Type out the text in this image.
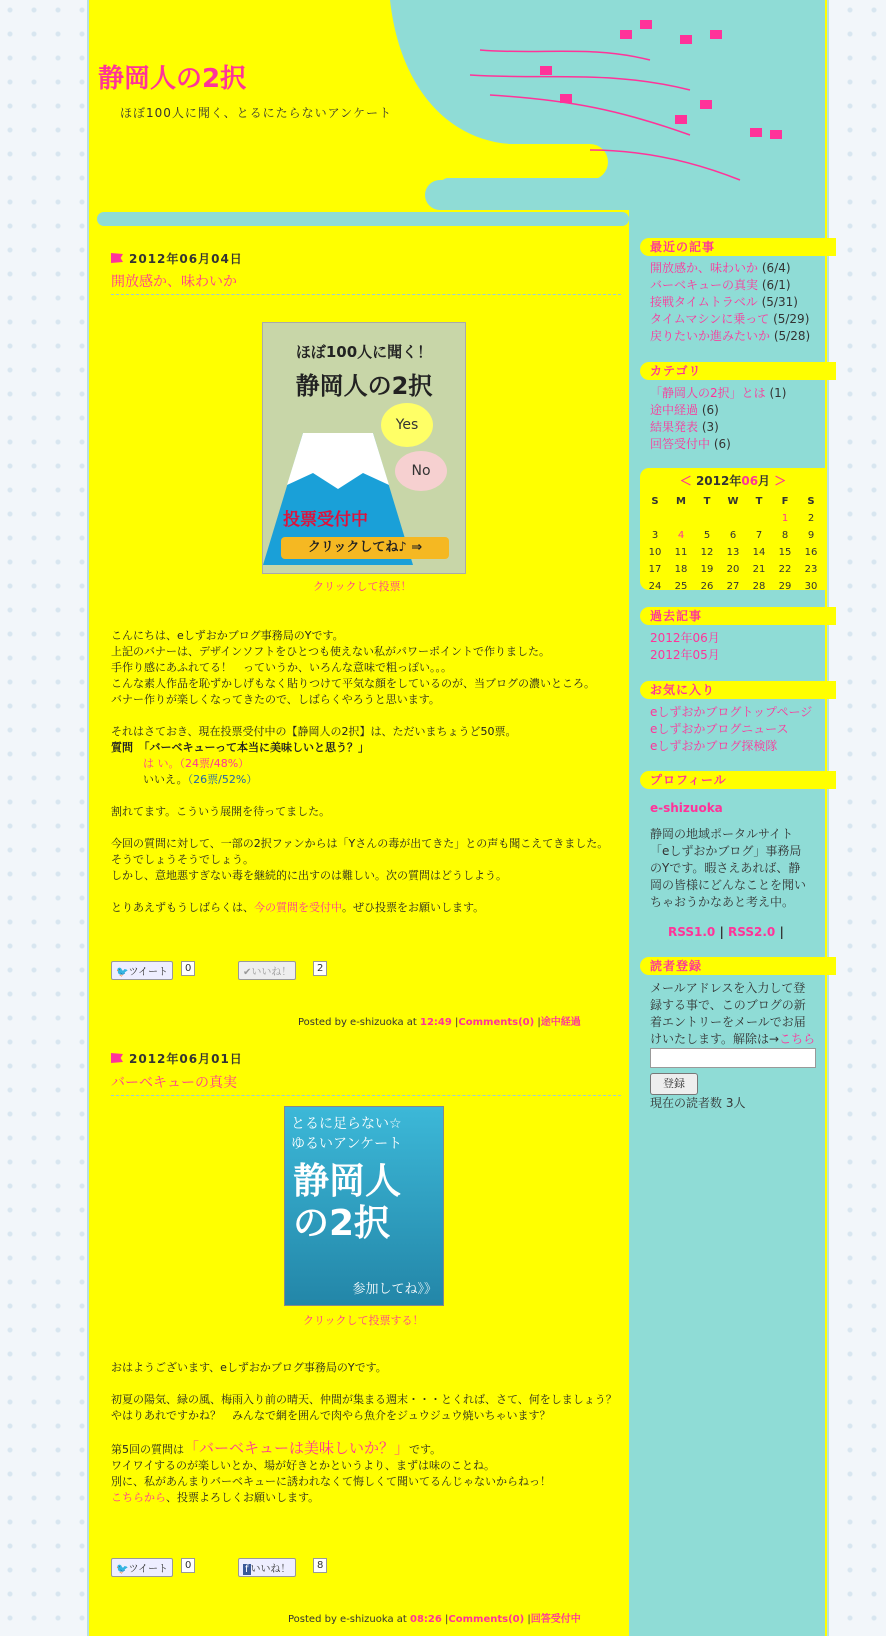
静岡人の2択
ほぼ100人に聞く、とるにたらないアンケート
2012年06月04日
開放感か、味わいか
ほぼ100人に聞く！
静岡人の2択
Yes
No
投票受付中
クリックしてね♪ ⇒
クリックして投票！
こんにちは、eしずおかブログ事務局のYです。
上記のバナーは、デザインソフトをひとつも使えない私がパワーポイントで作りました。
手作り感にあふれてる！　っていうか、いろんな意味で粗っぽい。。。
こんな素人作品を恥ずかしげもなく貼りつけて平気な顔をしているのが、当ブログの濃いところ。
バナー作りが楽しくなってきたので、しばらくやろうと思います。
それはさておき、現在投票受付中の【静岡人の2択】は、ただいまちょうど50票。
質問　「バーベキューって本当に美味しいと思う？」
は い。（24票/48%）
いいえ。（26票/52%）
割れてます。こういう展開を待ってました。
今回の質問に対して、一部の2択ファンからは「Yさんの毒が出てきた」との声も聞こえてきました。
そうでしょうそうでしょう。
しかし、意地悪すぎない毒を継続的に出すのは難しい。次の質問はどうしよう。
とりあえずもうしばらくは、今の質問を受付中。ぜひ投票をお願いします。
🐦ツイート	0	✔いいね！	2
Posted by e-shizuoka at 12:49 |Comments(0) |途中経過
2012年06月01日
バーベキューの真実
とるに足らない☆
ゆるいアンケート
静岡人
の2択
参加してね》》
クリックして投票する！
おはようございます、eしずおかブログ事務局のYです。
初夏の陽気、緑の風、梅雨入り前の晴天、仲間が集まる週末・・・とくれば、さて、何をしましょう？
やはりあれですかね？　みんなで網を囲んで肉やら魚介をジュウジュウ焼いちゃいます？
第5回の質問は「バーベキューは美味しいか？」です。
ワイワイするのが楽しいとか、場が好きとかというより、まずは味のことね。
別に、私があんまりバーベキューに誘われなくて悔しくて聞いてるんじゃないからねっ！
こちらから、投票よろしくお願いします。
🐦ツイート	0	f いいね！	8
Posted by e-shizuoka at 08:26 |Comments(0) |回答受付中
最近の記事
開放感か、味わいか (6/4)
バーベキューの真実 (6/1)
接戦タイムトラベル (5/31)
タイムマシンに乗って (5/29)
戻りたいか進みたいか (5/28)
カテゴリ
「静岡人の2択」とは (1)
途中経過 (6)
結果発表 (3)
回答受付中 (6)
＜ 2012年06月 ＞
S	M	T	W	T	F	S
					1	2
3	4	5	6	7	8	9
10	11	12	13	14	15	16
17	18	19	20	21	22	23
24	25	26	27	28	29	30
過去記事
2012年06月
2012年05月
お気に入り
eしずおかブログトップページ
eしずおかブログニュース
eしずおかブログ探検隊
プロフィール
e-shizuoka
静岡の地域ポータルサイト「eしずおかブログ」事務局のYです。暇さえあれば、静岡の皆様にどんなことを聞いちゃおうかなあと考え中。
RSS1.0 | RSS2.0 |
読者登録
メールアドレスを入力して登録する事で、このブログの新着エントリーをメールでお届けいたします。解除は→こちら
登録
現在の読者数 3人
